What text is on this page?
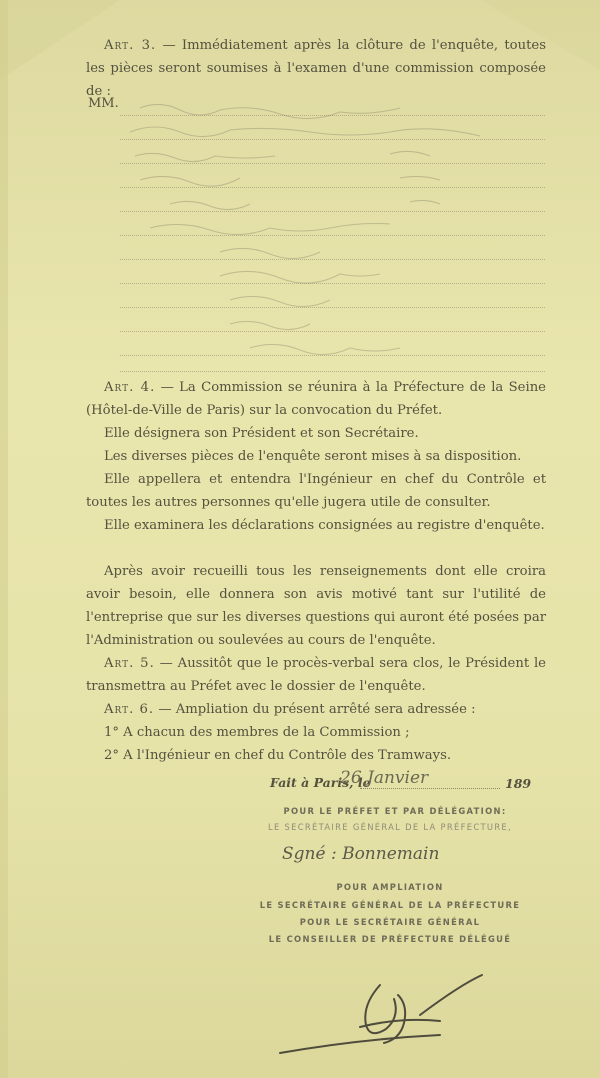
Art. 3. — Immédiatement après la clôture de l'enquête, toutes les pièces seront soumises à l'examen d'une commission composée de :

MM.

Art. 4. — La Commission se réunira à la Préfecture de la Seine (Hôtel-de-Ville de Paris) sur la convocation du Préfet.

Elle désignera son Président et son Secrétaire.

Les diverses pièces de l'enquête seront mises à sa disposition.

Elle appellera et entendra l'Ingénieur en chef du Contrôle et toutes les autres personnes qu'elle jugera utile de consulter.

Elle examinera les déclarations consignées au registre d'enquête.

Après avoir recueilli tous les renseignements dont elle croira avoir besoin, elle donnera son avis motivé tant sur l'utilité de l'entreprise que sur les diverses questions qui auront été posées par l'Administration ou soulevées au cours de l'enquête.

Art. 5. — Aussitôt que le procès-verbal sera clos, le Président le transmettra au Préfet avec le dossier de l'enquête.

Art. 6. — Ampliation du présent arrêté sera adressée :

1° A chacun des membres de la Commission ;

2° A l'Ingénieur en chef du Contrôle des Tramways.

Fait à Paris, le
26 Janvier	189
POUR LE PRÉFET ET PAR DÉLÉGATION:
LE SECRÉTAIRE GÉNÉRAL DE LA PRÉFECTURE,
Sgné : Bonnemain
POUR AMPLIATION
LE SECRÉTAIRE GÉNÉRAL DE LA PRÉFECTURE
POUR LE SECRÉTAIRE GÉNÉRAL
LE CONSEILLER DE PRÉFECTURE DÉLÉGUÉ
